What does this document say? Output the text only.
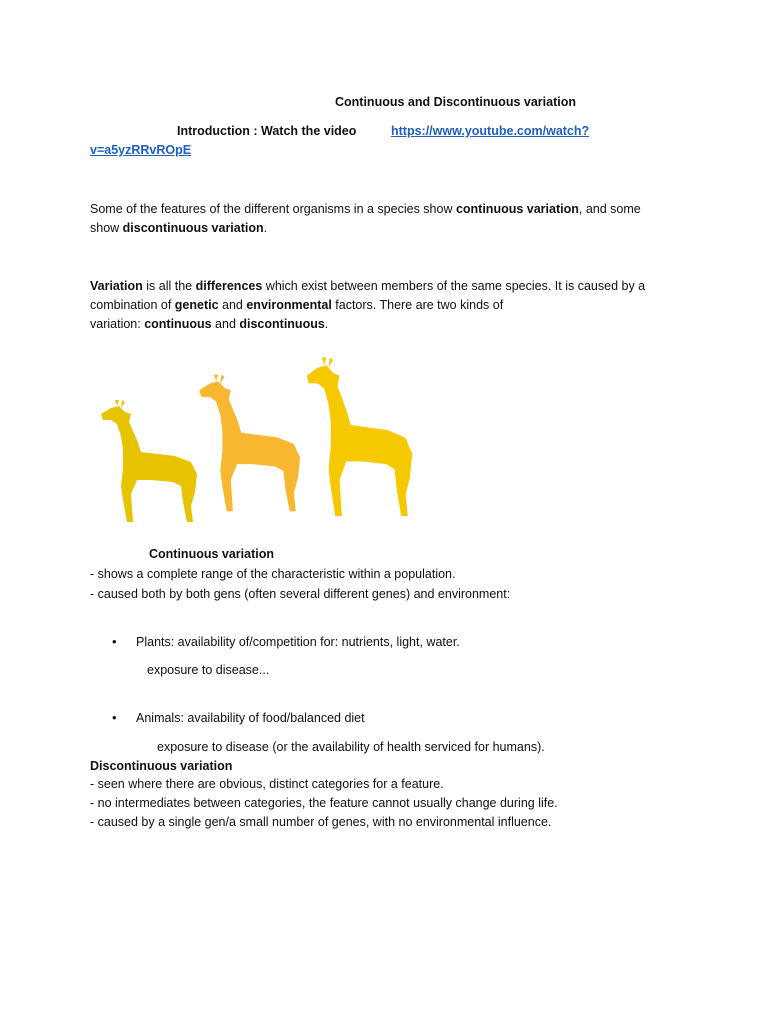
Continuous and Discontinuous variation
Introduction : Watch the video	https://www.youtube.com/watch?
v=a5yzRRvROpE
Some of the features of the different organisms in a species show continuous variation, and some
show discontinuous variation.
Variation is all the differences which exist between members of the same species. It is caused by a
combination of genetic and environmental factors. There are two kinds of
variation: continuous and discontinuous.
Continuous variation
- shows a complete range of the characteristic within a population.
- caused both by both gens (often several different genes) and environment:
• Plants: availability of/competition for: nutrients, light, water.
exposure to disease...
• Animals: availability of food/balanced diet
exposure to disease (or the availability of health serviced for humans).
Discontinuous variation
- seen where there are obvious, distinct categories for a feature.
- no intermediates between categories, the feature cannot usually change during life.
- caused by a single gen/a small number of genes, with no environmental influence.
